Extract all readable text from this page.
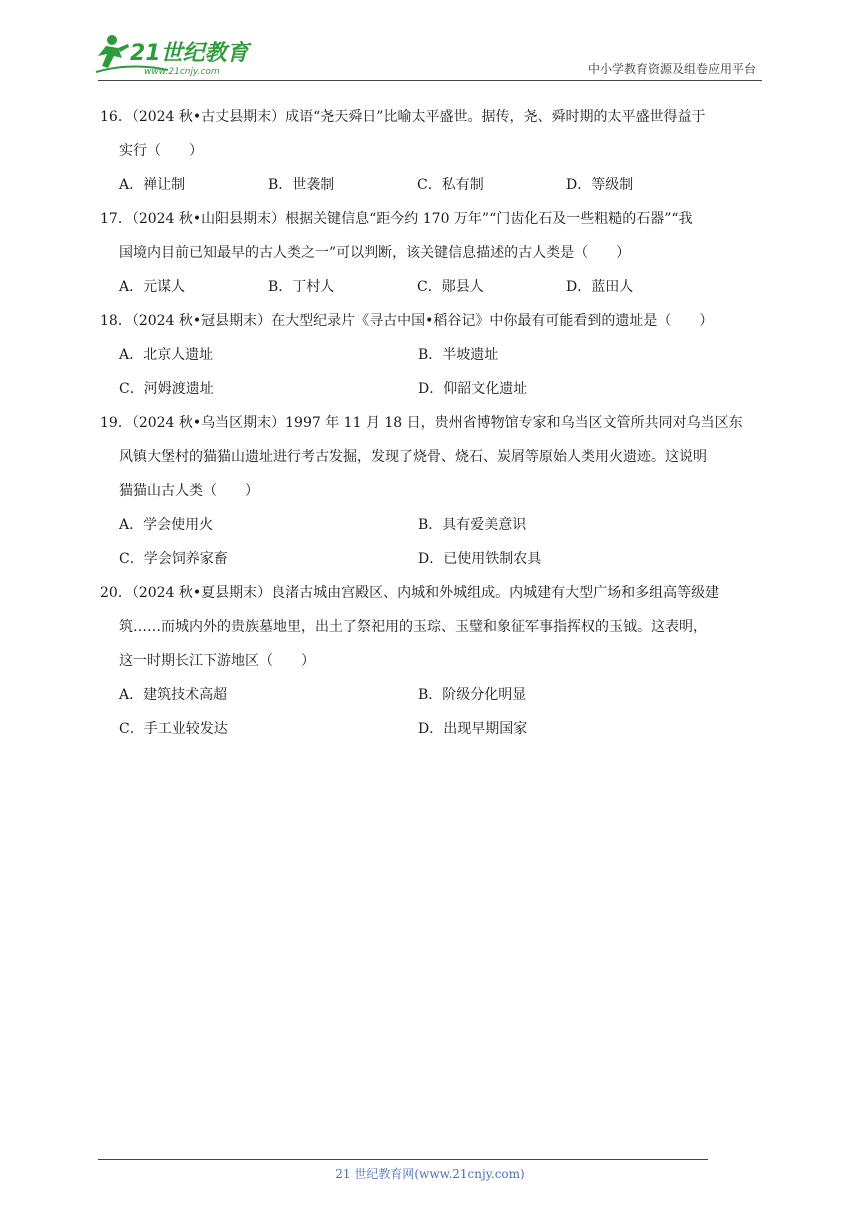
21世纪教育
www.21cnjy.com	中小学教育资源及组卷应用平台
16．（2024 秋•古丈县期末）成语“尧天舜日”比喻太平盛世。据传，尧、舜时期的太平盛世得益于
实行（　　）
A．禅让制	B．世袭制	C．私有制	D．等级制
17．（2024 秋•山阳县期末）根据关键信息“距今约 170 万年”“门齿化石及一些粗糙的石器”“我
国境内目前已知最早的古人类之一”可以判断，该关键信息描述的古人类是（　　）
A．元谋人	B．丁村人	C．郧县人	D．蓝田人
18．（2024 秋•冠县期末）在大型纪录片《寻古中国•稻谷记》中你最有可能看到的遗址是（　　）
A．北京人遗址	B．半坡遗址
C．河姆渡遗址	D．仰韶文化遗址
19．（2024 秋•乌当区期末）1997 年 11 月 18 日，贵州省博物馆专家和乌当区文管所共同对乌当区东
风镇大堡村的猫猫山遗址进行考古发掘，发现了烧骨、烧石、炭屑等原始人类用火遗迹。这说明
猫猫山古人类（　　）
A．学会使用火	B．具有爱美意识
C．学会饲养家畜	D．已使用铁制农具
20．（2024 秋•夏县期末）良渚古城由宫殿区、内城和外城组成。内城建有大型广场和多组高等级建
筑……而城内外的贵族墓地里，出土了祭祀用的玉琮、玉璧和象征军事指挥权的玉钺。这表明，
这一时期长江下游地区（　　）
A．建筑技术高超	B．阶级分化明显
C．手工业较发达	D．出现早期国家
21 世纪教育网(www.21cnjy.com)
